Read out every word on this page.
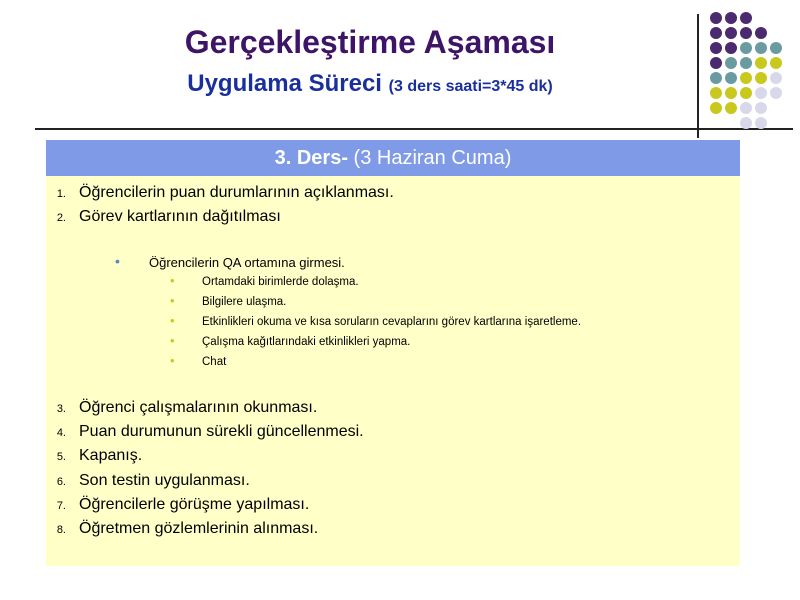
Gerçekleştirme Aşaması
Uygulama Süreci (3 ders saati=3*45 dk)
3. Ders- (3 Haziran Cuma)
1. Öğrencilerin puan durumlarının açıklanması.
2. Görev kartlarının dağıtılması
• Öğrencilerin QA ortamına girmesi.
• Ortamdaki birimlerde dolaşma.
• Bilgilere ulaşma.
• Etkinlikleri okuma ve kısa soruların cevaplarını görev kartlarına işaretleme.
• Çalışma kağıtlarındaki etkinlikleri yapma.
• Chat
3. Öğrenci çalışmalarının okunması.
4. Puan durumunun sürekli güncellenmesi.
5. Kapanış.
6. Son testin uygulanması.
7. Öğrencilerle görüşme yapılması.
8. Öğretmen gözlemlerinin alınması.
